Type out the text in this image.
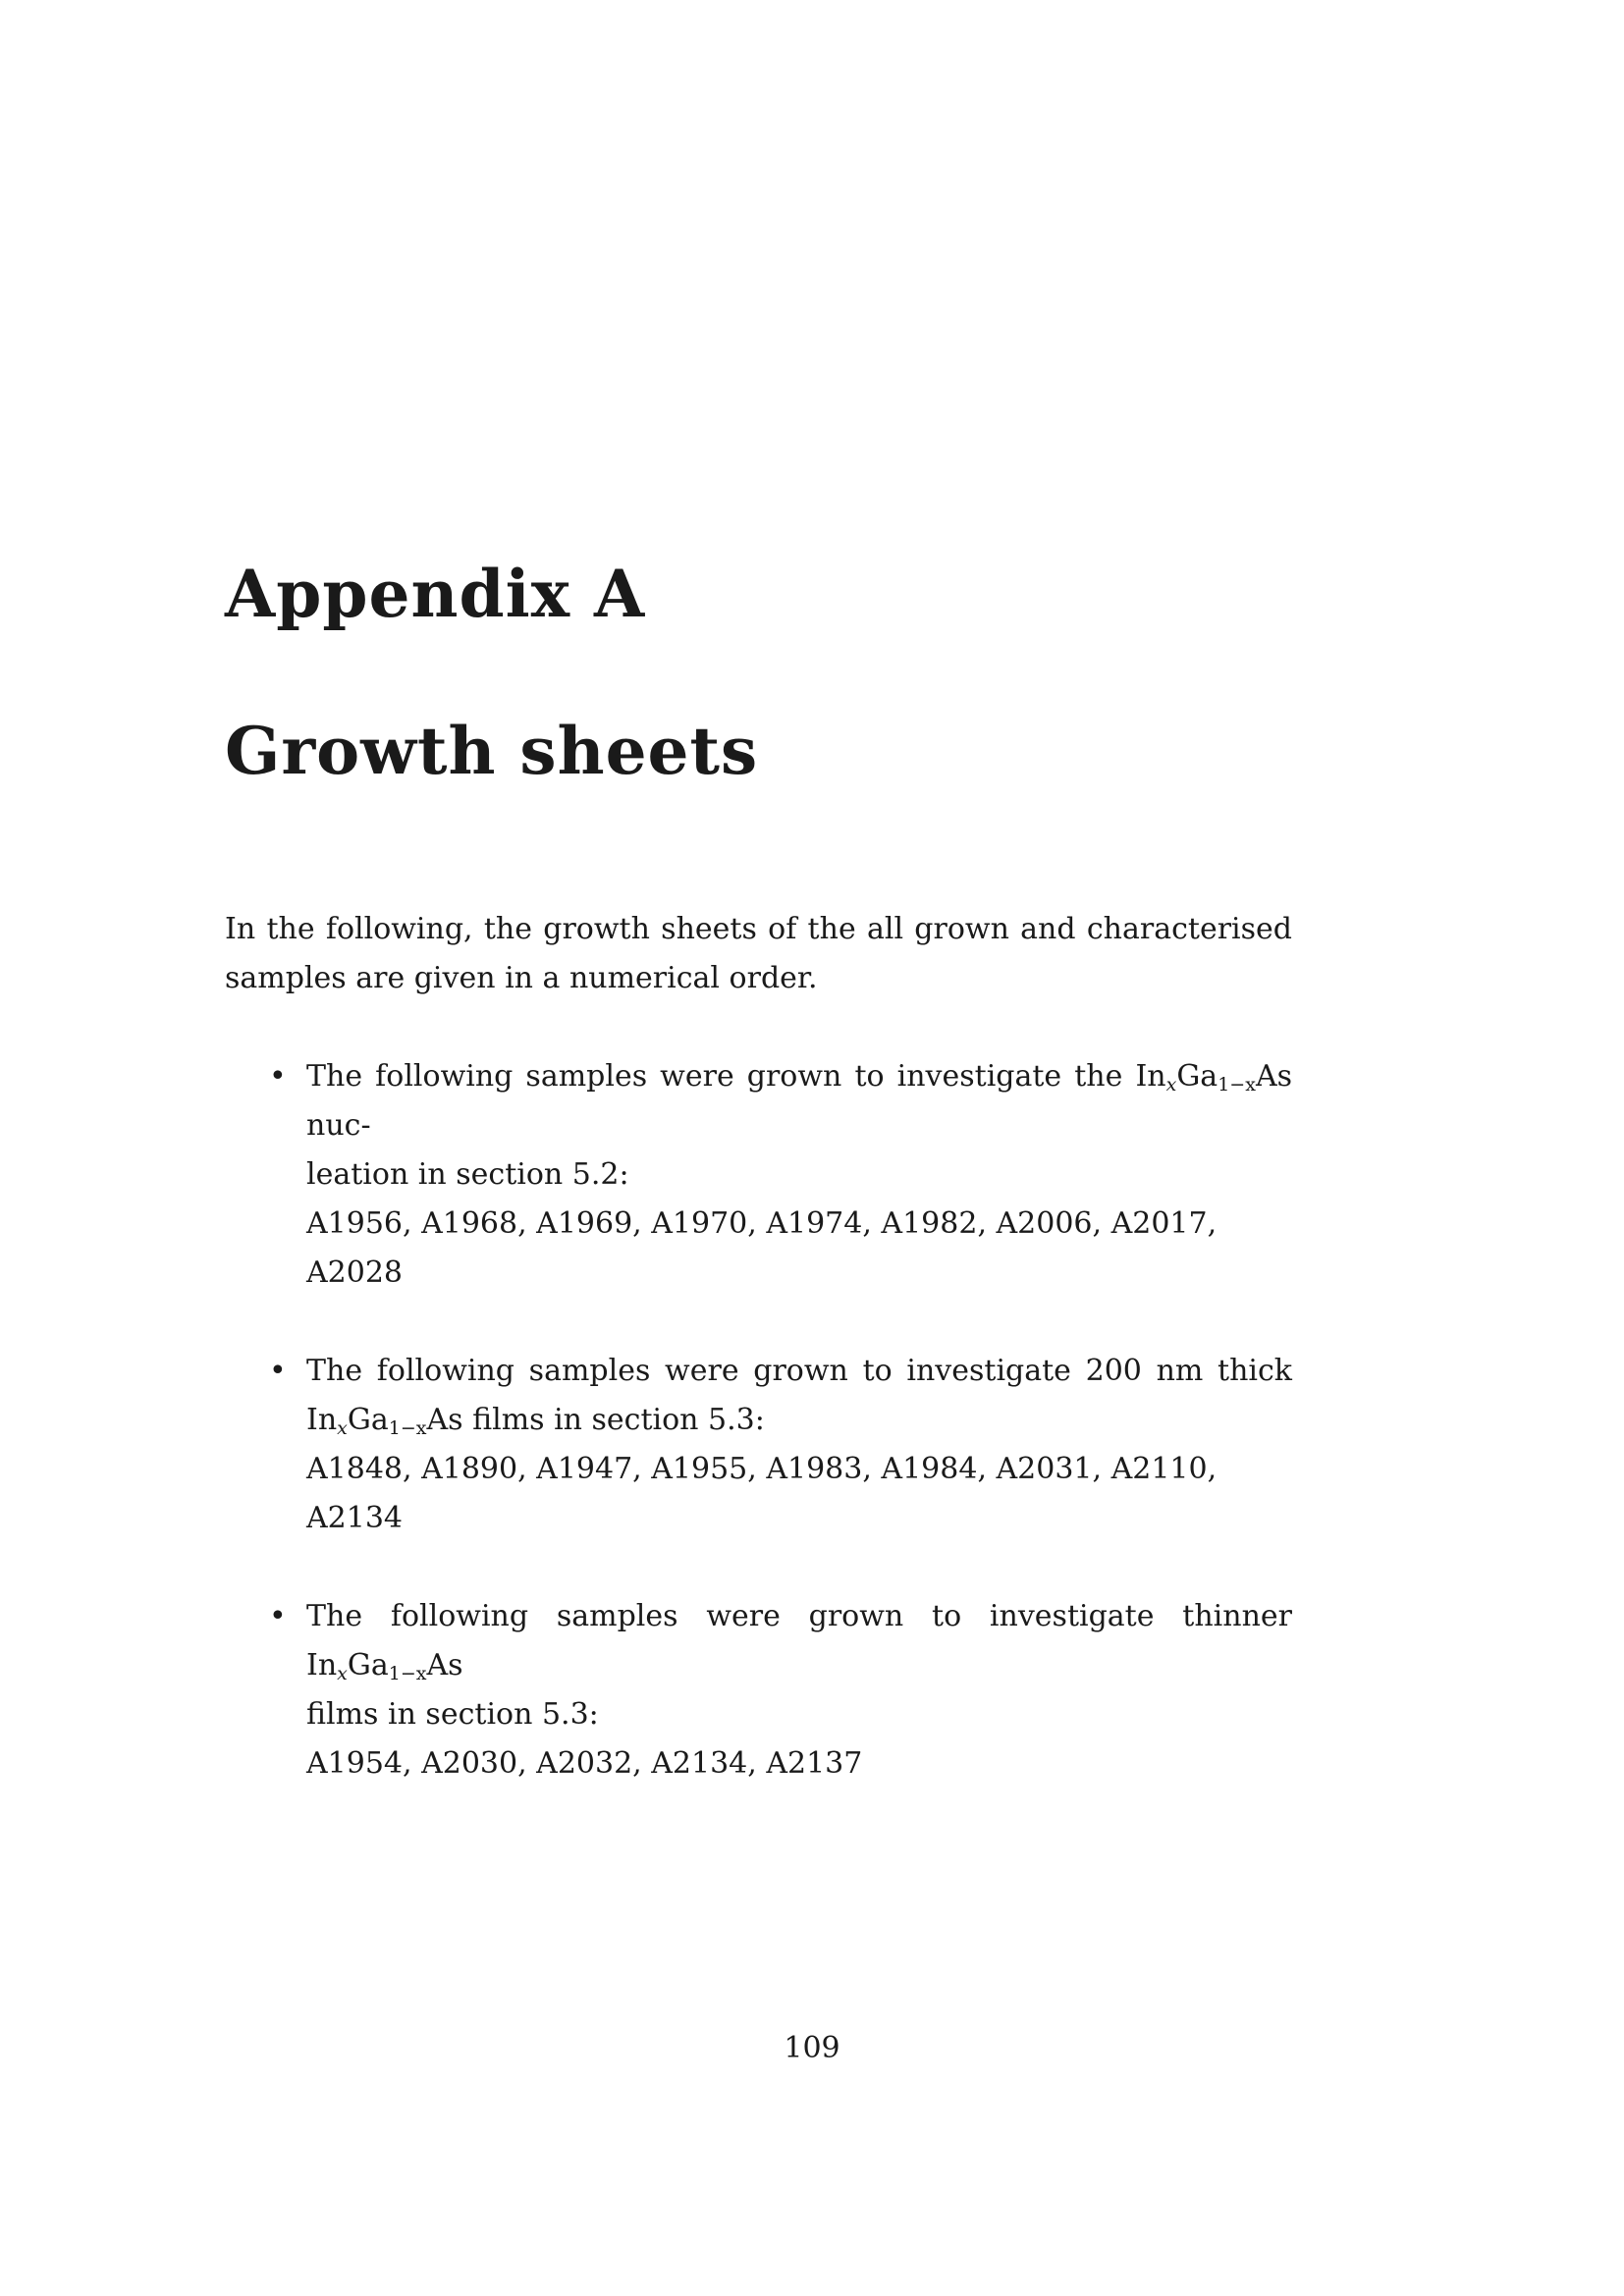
Appendix A
Growth sheets

In the following, the growth sheets of the all grown and characterised
samples are given in a numerical order.

• The following samples were grown to investigate the $In_xGa_{1-x}As$ nuc-
leation in section 5.2:
A1956, A1968, A1969, A1970, A1974, A1982, A2006, A2017, A2028
• The following samples were grown to investigate 200 nm thick
$In_xGa_{1-x}As$ films in section 5.3:
A1848, A1890, A1947, A1955, A1983, A1984, A2031, A2110, A2134
• The following samples were grown to investigate thinner $In_xGa_{1-x}As$
films in section 5.3:
A1954, A2030, A2032, A2134, A2137
109
